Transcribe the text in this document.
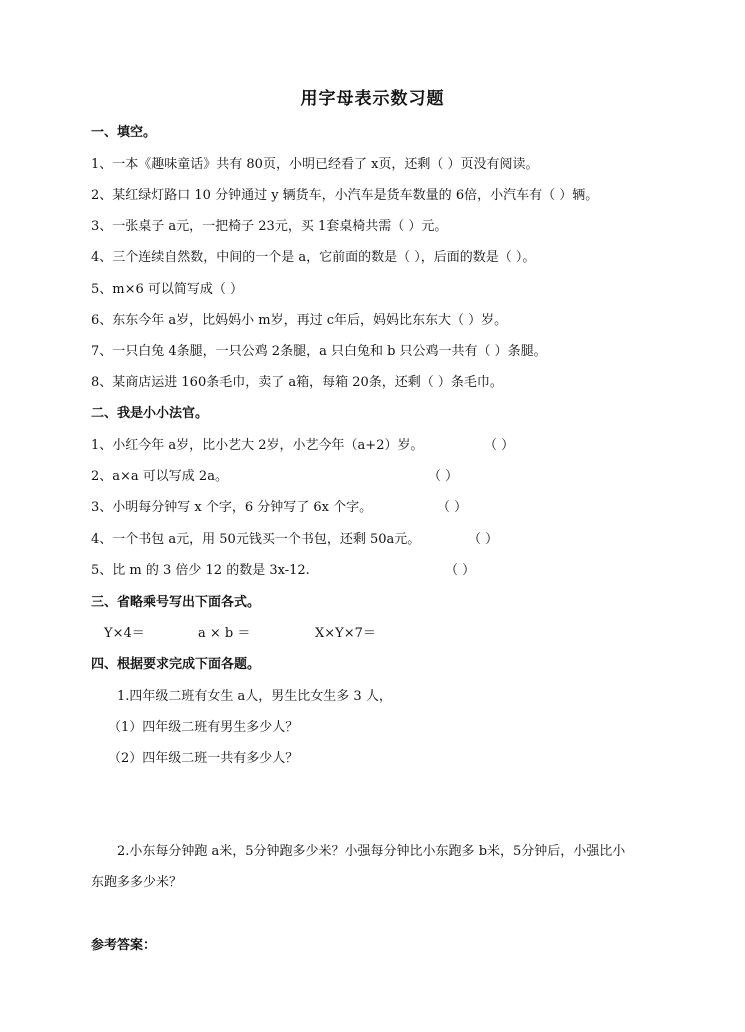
用字母表示数习题
一、填空。
1、一本《趣味童话》共有 80页，小明已经看了 x页，还剩（ ）页没有阅读。
2、某红绿灯路口 10 分钟通过 y 辆货车，小汽车是货车数量的 6倍，小汽车有（ ）辆。
3、一张桌子 a元，一把椅子 23元，买 1套桌椅共需（ ）元。
4、三个连续自然数，中间的一个是 a，它前面的数是（ ），后面的数是（ ）。
5、m×6 可以简写成（ ）
6、东东今年 a岁，比妈妈小 m岁，再过 c年后，妈妈比东东大（ ）岁。
7、一只白兔 4条腿，一只公鸡 2条腿，a 只白兔和 b 只公鸡一共有（ ）条腿。
8、某商店运进 160条毛巾，卖了 a箱，每箱 20条，还剩（ ）条毛巾。
二、我是小小法官。
1、小红今年 a岁，比小艺大 2岁，小艺今年（a+2）岁。	（ ）
2、a×a 可以写成 2a。	（ ）
3、小明每分钟写 x 个字，6 分钟写了 6x 个字。	（ ）
4、一个书包 a元，用 50元钱买一个书包，还剩 50a元。	（ ）
5、比 m 的 3 倍少 12 的数是 3x-12.	（ ）
三、省略乘号写出下面各式。
Y×4＝	a × b ＝	X×Y×7＝
四、根据要求完成下面各题。
1.四年级二班有女生 a人，男生比女生多 3 人，
（1）四年级二班有男生多少人？
（2）四年级二班一共有多少人？
2.小东每分钟跑 a米，5分钟跑多少米？小强每分钟比小东跑多 b米，5分钟后，小强比小
东跑多多少米？
参考答案：
